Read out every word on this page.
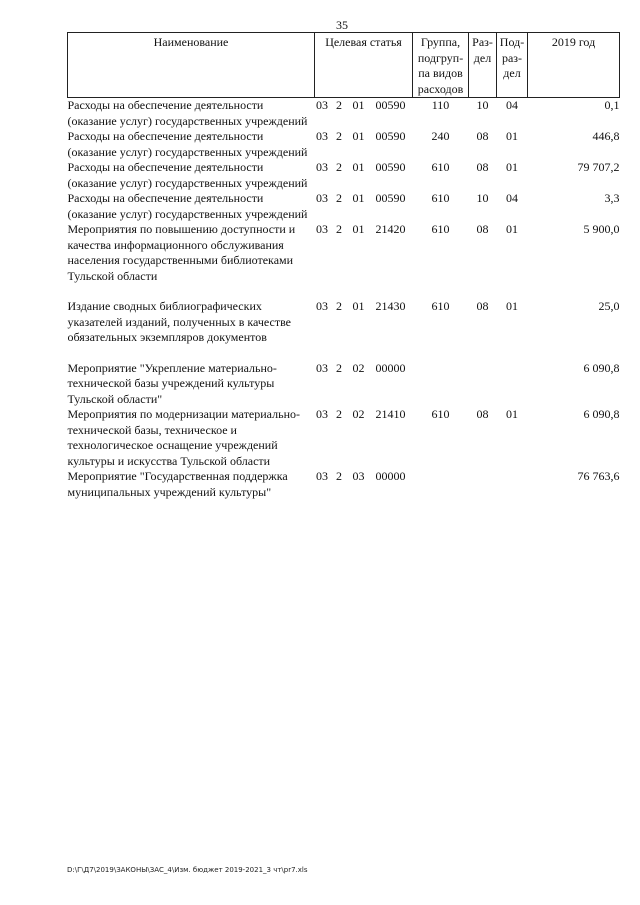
35
Наименование	Целевая статья				Группа, подгруп-па видов расходов	Раз-дел	Под-раз-дел	2019 год
Расходы на обеспечение деятельности (оказание услуг) государственных учреждений	03	2	01	00590	110	10	04	0,1
Расходы на обеспечение деятельности (оказание услуг) государственных учреждений	03	2	01	00590	240	08	01	446,8
Расходы на обеспечение деятельности (оказание услуг) государственных учреждений	03	2	01	00590	610	08	01	79 707,2
Расходы на обеспечение деятельности (оказание услуг) государственных учреждений	03	2	01	00590	610	10	04	3,3
Мероприятия по повышению доступности и качества информационного обслуживания населения государственными библиотеками Тульской области	03	2	01	21420	610	08	01	5 900,0

Издание сводных библиографических указателей изданий, полученных в качестве обязательных экземпляров документов	03	2	01	21430	610	08	01	25,0

Мероприятие "Укрепление материально-технической базы учреждений культуры Тульской области"	03	2	02	00000				6 090,8
Мероприятия по модернизации материально-технической базы, техническое и технологическое оснащение учреждений культуры и искусства Тульской области	03	2	02	21410	610	08	01	6 090,8
Мероприятие "Государственная поддержка муниципальных учреждений культуры"	03	2	03	00000				76 763,6
D:\Г\Д7\2019\ЗАКОНЫ\ЗАС_4\Изм. бюджет 2019-2021_3 чт\pr7.xls
